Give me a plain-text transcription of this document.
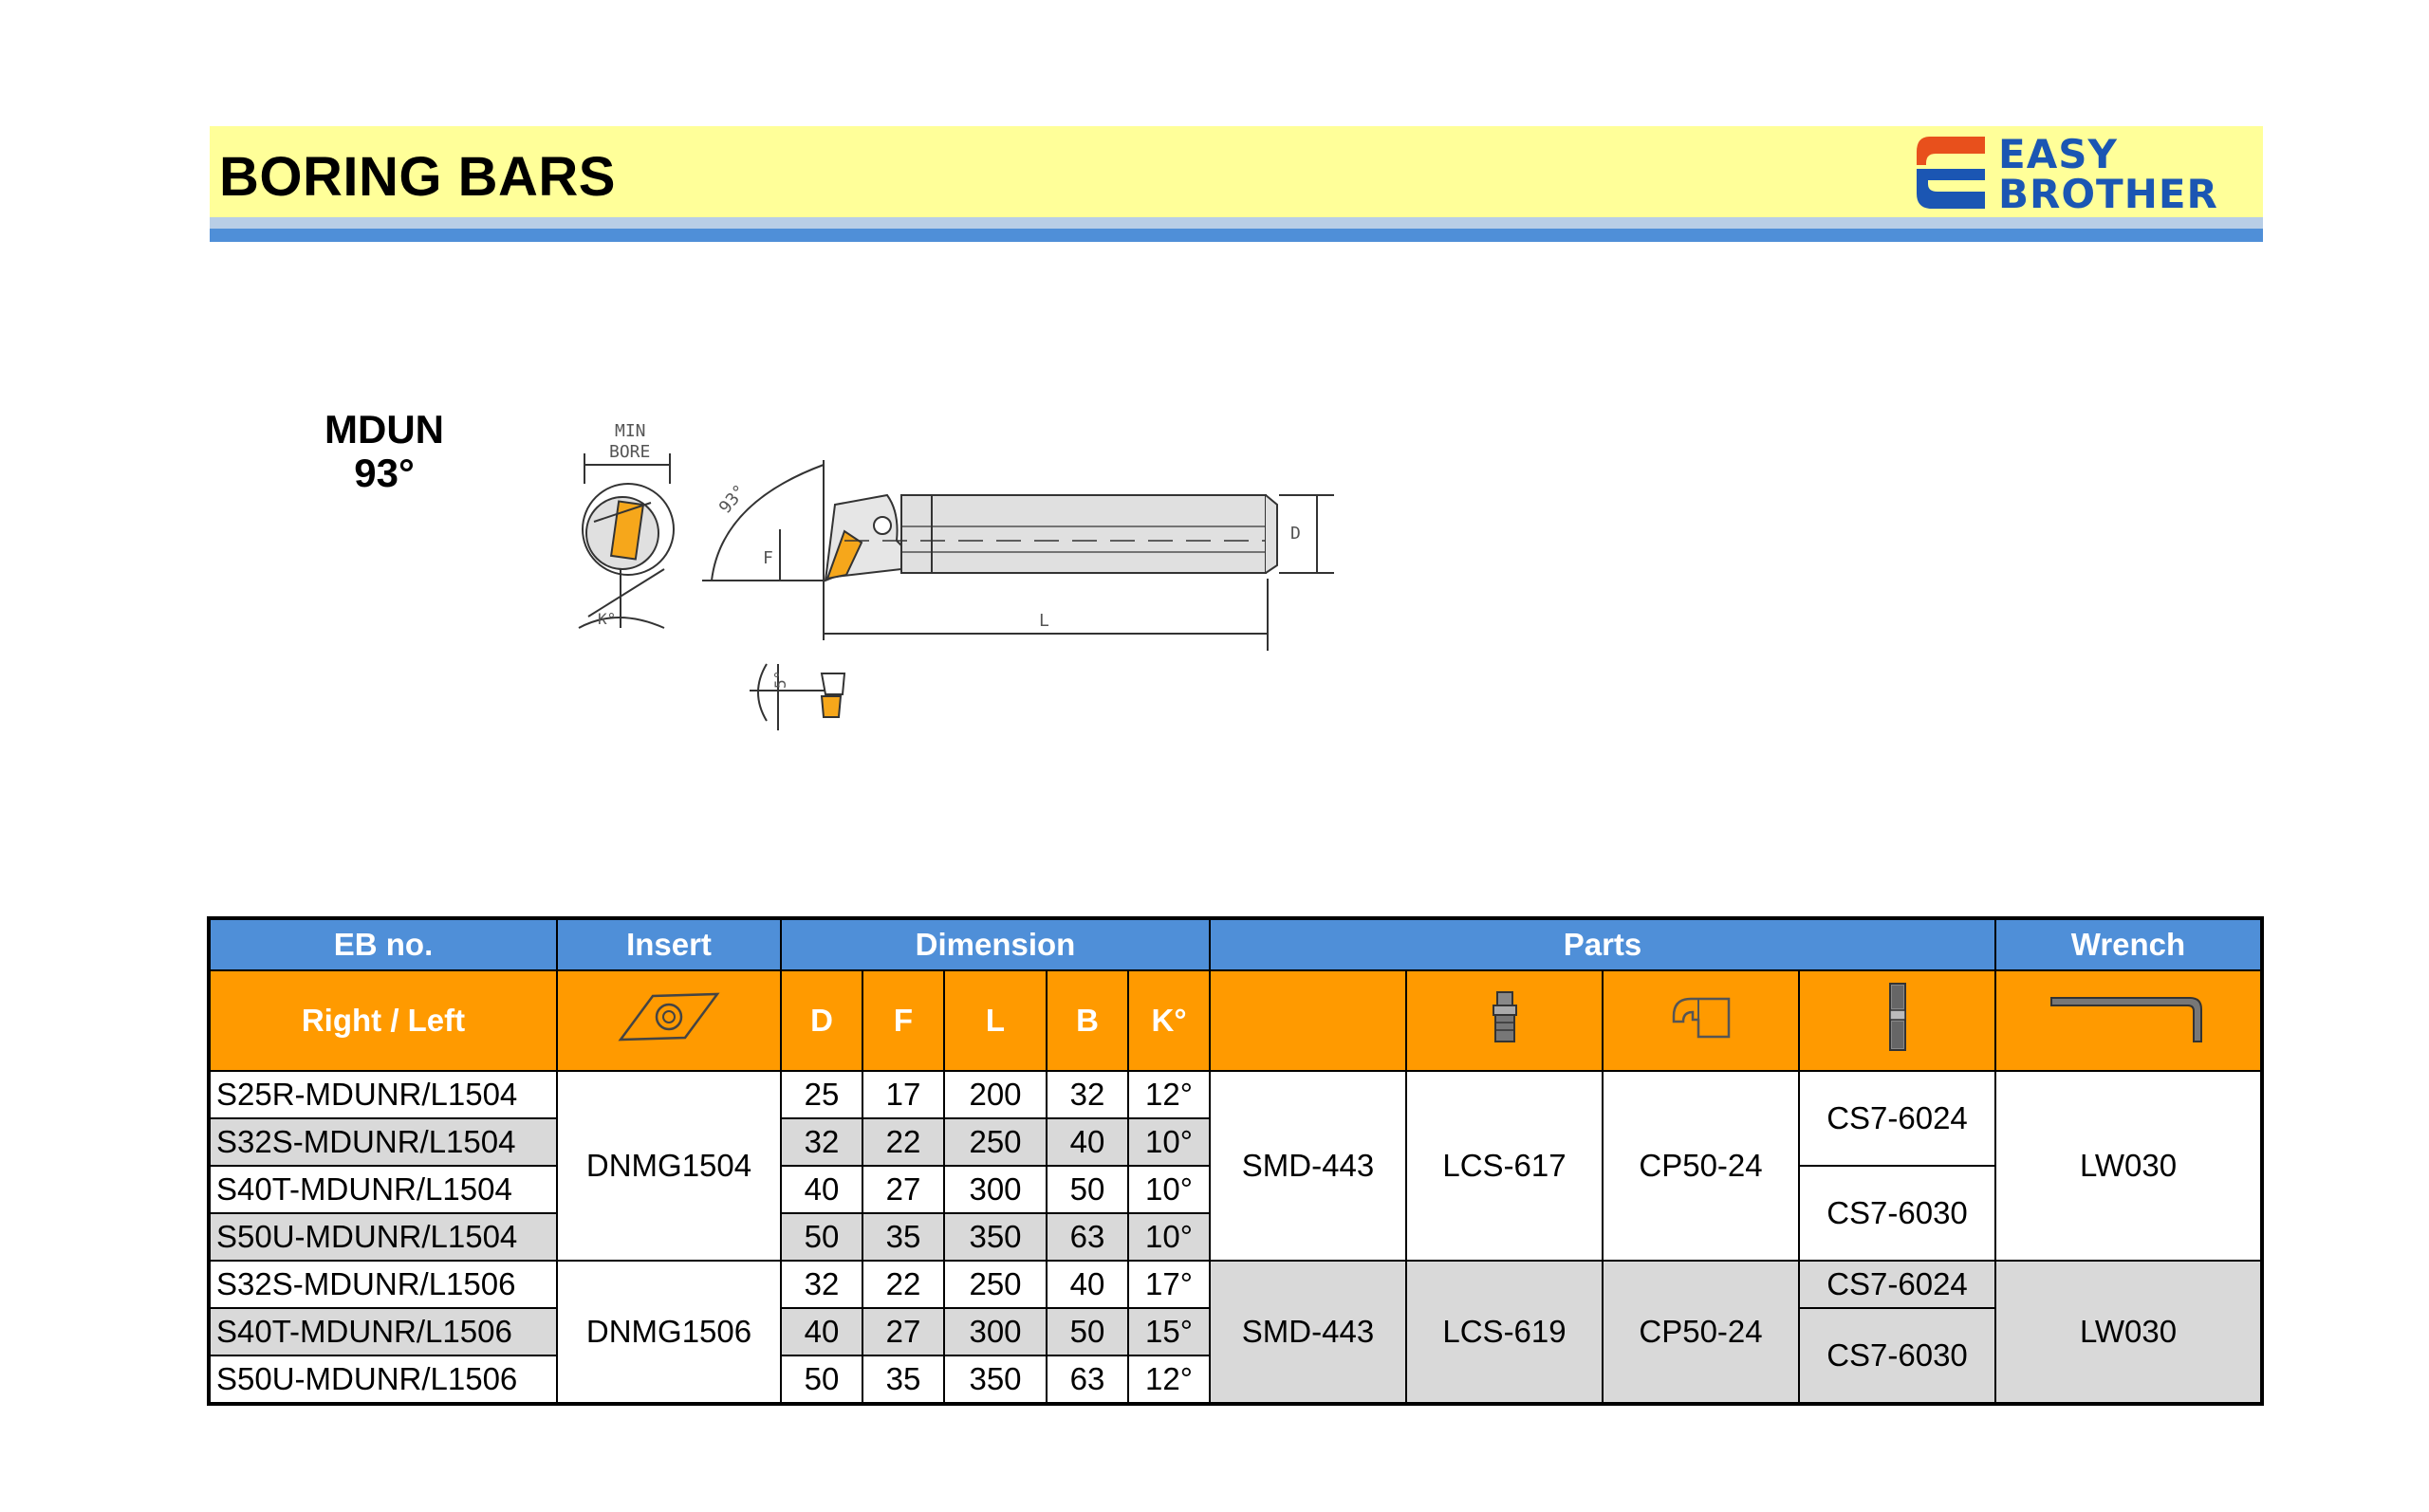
BORING BARS	EASY
BROTHER
MDUN
93°
MIN
BORE
K°
93°
F
D
L
5°
EB no.	Insert	Dimension					Parts				Wrench
Right / Left		D	F	L	B	K°					
S25R-MDUNR/L1504	DNMG1504	25	17	200	32	12°	SMD-443	LCS-617	CP50-24	CS7-6024	LW030
S32S-MDUNR/L1504		32	22	250	40	10°					
S40T-MDUNR/L1504		40	27	300	50	10°				CS7-6030	
S50U-MDUNR/L1504		50	35	350	63	10°					
S32S-MDUNR/L1506	DNMG1506	32	22	250	40	17°	SMD-443	LCS-619	CP50-24	CS7-6024	LW030
S40T-MDUNR/L1506		40	27	300	50	15°				CS7-6030	
S50U-MDUNR/L1506		50	35	350	63	12°					
